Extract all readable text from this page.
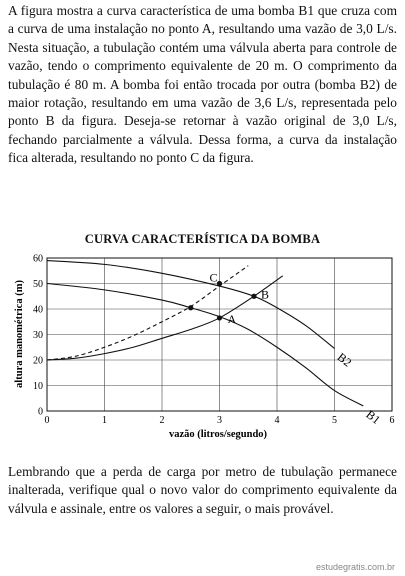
A figura mostra a curva característica de uma bomba B1 que cruza com a curva de uma instalação no ponto A, resultando uma vazão de 3,0 L/s. Nesta situação, a tubulação contém uma válvula aberta para controle de vazão, tendo o comprimento equivalente de 20 m. O comprimento da tubulação é 80 m. A bomba foi então trocada por outra (bomba B2) de maior rotação, resultando em uma vazão de 3,6 L/s, representada pelo ponto B da figura. Deseja-se retornar à vazão original de 3,0 L/s, fechando parcialmente a válvula. Dessa forma, a curva da instalação fica alterada, resultando no ponto C da figura.

CURVA CARACTERÍSTICA DA BOMBA
0	1	2	3	4	5	6
0
10
20
30
40
50
60
B1
B2
A
B
C
altura manométrica (m)
vazão (litros/segundo)

Lembrando que a perda de carga por metro de tubulação permanece inalterada, verifique qual o novo valor do comprimento equivalente da válvula e assinale, entre os valores a seguir, o mais provável.

estudegratis.com.br
